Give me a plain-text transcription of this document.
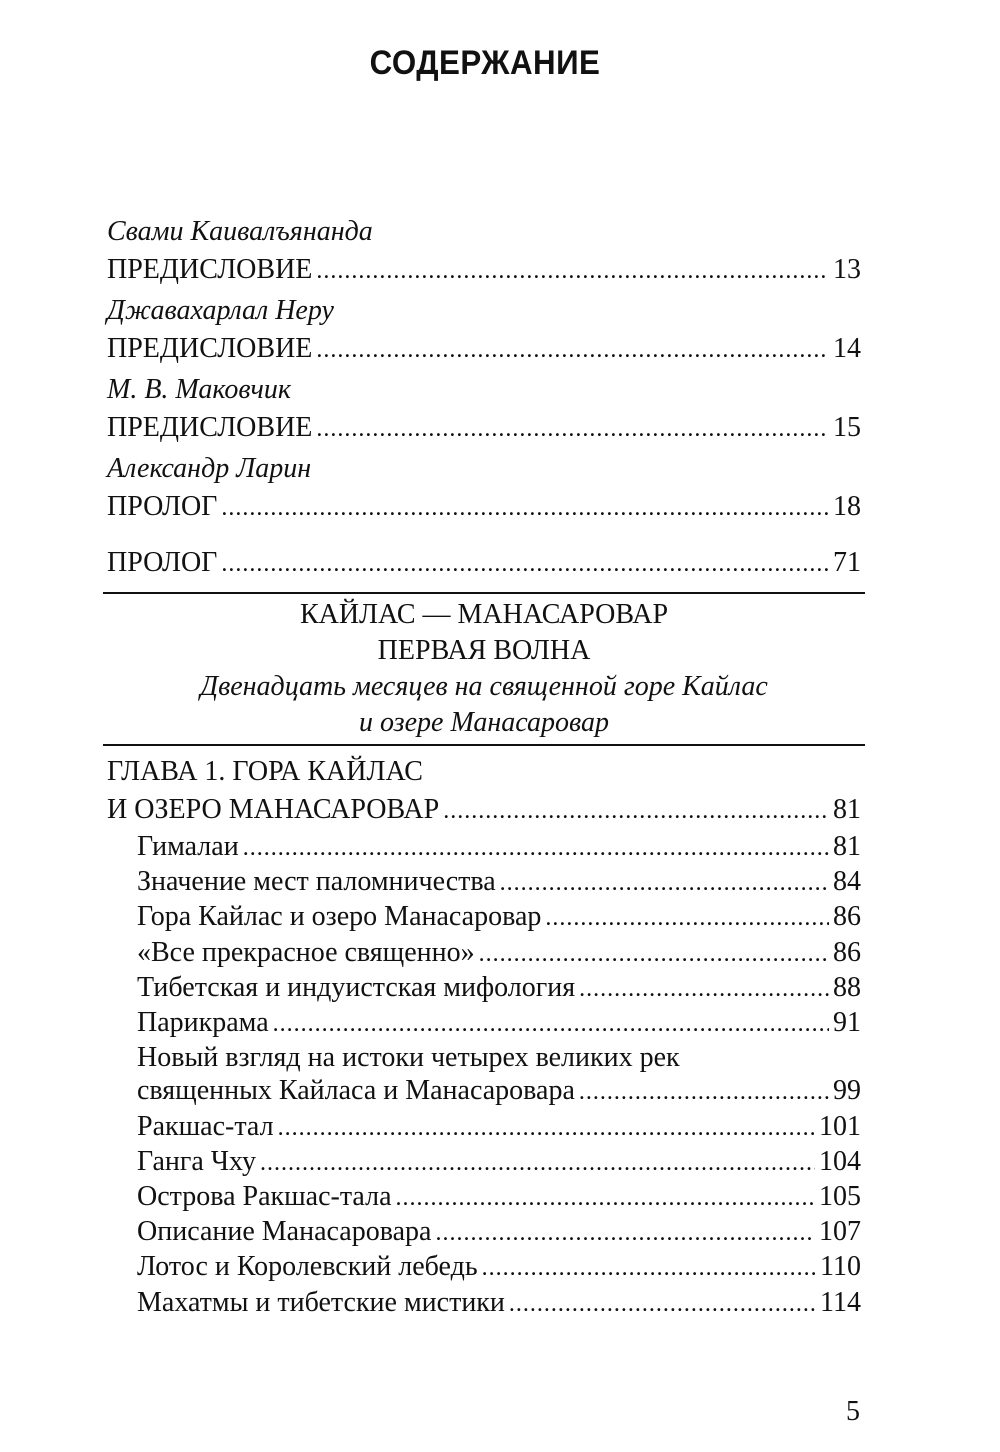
СОДЕРЖАНИЕ
Свами Каивалъянанда
ПРЕДИСЛОВИЕ .....	13
Джавахарлал Неру
ПРЕДИСЛОВИЕ .....	14
М. В. Маковчик
ПРЕДИСЛОВИЕ .....	15
Александр Ларин
ПРОЛОГ .....	18
ПРОЛОГ .....	71
КАЙЛАС — МАНАСАРОВАР
ПЕРВАЯ ВОЛНА
Двенадцать месяцев на священной горе Кайлас
и озере Манасаровар
ГЛАВА 1. ГОРА КАЙЛАС
И ОЗЕРО МАНАСАРОВАР .....	81
Гималаи .....	81
Значение мест паломничества .....	84
Гора Кайлас и озеро Манасаровар .....	86
«Все прекрасное священно» .....	86
Тибетская и индуистская мифология .....	88
Парикрама .....	91
Новый взгляд на истоки четырех великих рек
священных Кайласа и Манасаровара .....	99
Ракшас-тал .....	101
Ганга Чху .....	104
Острова Ракшас-тала .....	105
Описание Манасаровара .....	107
Лотос и Королевский лебедь .....	110
Махатмы и тибетские мистики .....	114
5
